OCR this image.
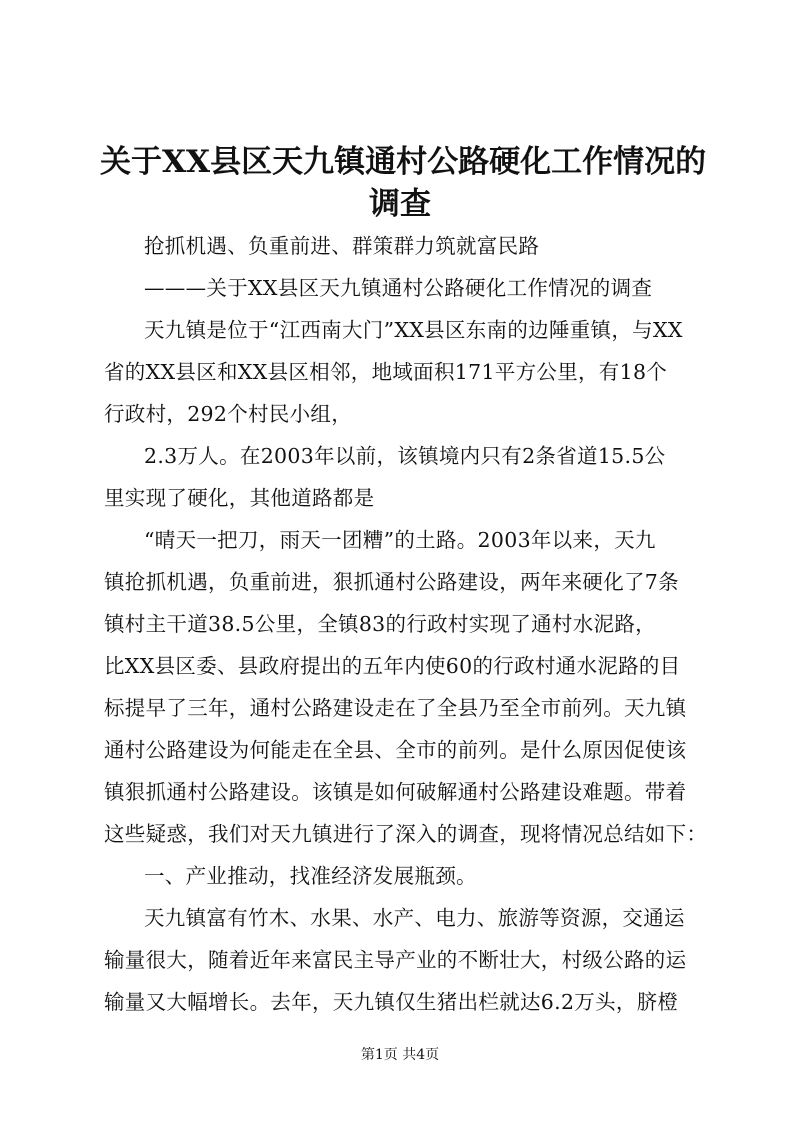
关于XX县区天九镇通村公路硬化工作情况的
调查
抢抓机遇、负重前进、群策群力筑就富民路
———关于XX县区天九镇通村公路硬化工作情况的调查
天九镇是位于“江西南大门”XX县区东南的边陲重镇，与XX
省的XX县区和XX县区相邻，地域面积171平方公里，有18个
行政村，292个村民小组，
2.3万人。在2003年以前，该镇境内只有2条省道15.5公
里实现了硬化，其他道路都是
“晴天一把刀，雨天一团糟”的土路。2003年以来，天九
镇抢抓机遇，负重前进，狠抓通村公路建设，两年来硬化了7条
镇村主干道38.5公里，全镇83的行政村实现了通村水泥路，
比XX县区委、县政府提出的五年内使60的行政村通水泥路的目
标提早了三年，通村公路建设走在了全县乃至全市前列。天九镇
通村公路建设为何能走在全县、全市的前列。是什么原因促使该
镇狠抓通村公路建设。该镇是如何破解通村公路建设难题。带着
这些疑惑，我们对天九镇进行了深入的调查，现将情况总结如下：
一、产业推动，找准经济发展瓶颈。
天九镇富有竹木、水果、水产、电力、旅游等资源，交通运
输量很大，随着近年来富民主导产业的不断壮大，村级公路的运
输量又大幅增长。去年，天九镇仅生猪出栏就达6.2万头，脐橙
第1页 共4页
